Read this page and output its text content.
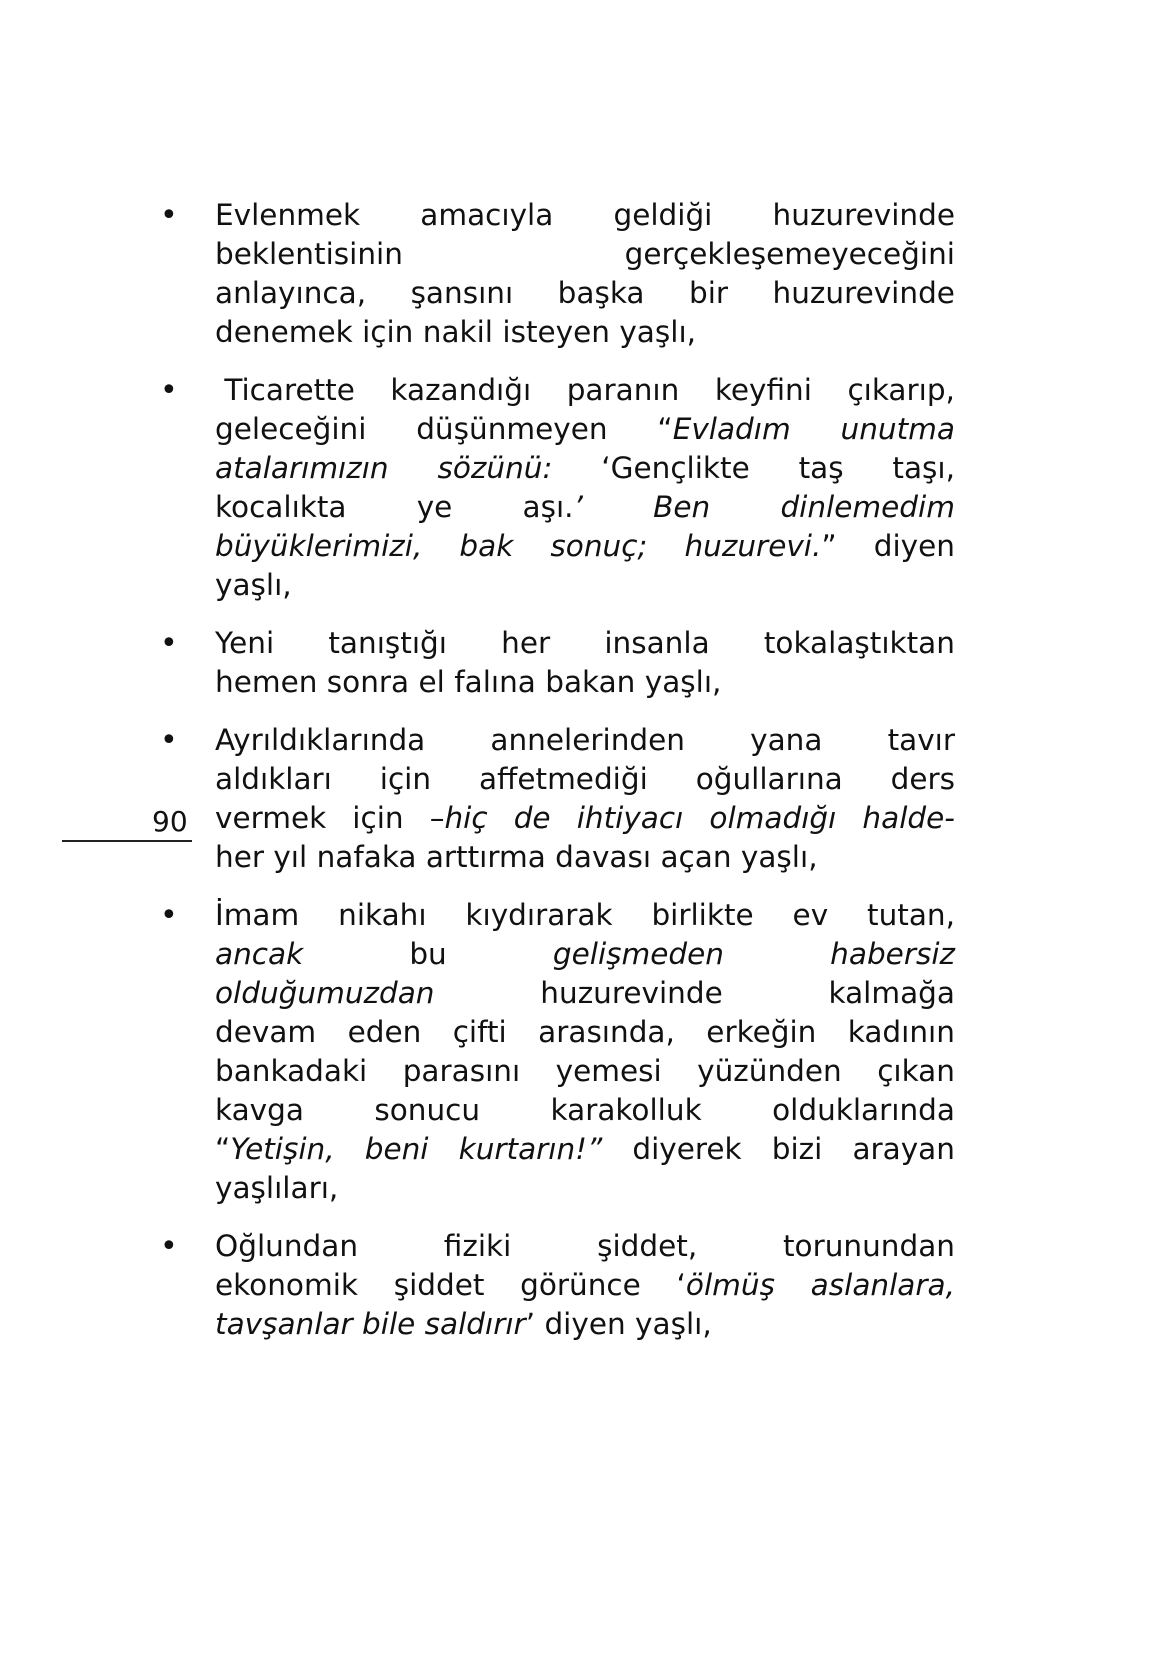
• Evlenmek amacıyla geldiği huzurevinde
beklentisinin	gerçekleşemeyeceğini
anlayınca, şansını başka bir huzurevinde
denemek için nakil isteyen yaşlı,
• Ticarette kazandığı paranın keyfini çıkarıp,
geleceğini düşünmeyen “Evladım unutma
atalarımızın sözünü: ‘Gençlikte taş taşı,
kocalıkta ye aşı.’ Ben dinlemedim
büyüklerimizi, bak sonuç; huzurevi.” diyen
yaşlı,
• Yeni tanıştığı her insanla tokalaştıktan
hemen sonra el falına bakan yaşlı,
• Ayrıldıklarında annelerinden yana tavır
aldıkları için affetmediği oğullarına ders
vermek için –hiç de ihtiyacı olmadığı halde-
her yıl nafaka arttırma davası açan yaşlı,
• İmam nikahı kıydırarak birlikte ev tutan,
ancak	bu	gelişmeden	habersiz
olduğumuzdan	huzurevinde	kalmağa
devam eden çifti arasında, erkeğin kadının
bankadaki parasını yemesi yüzünden çıkan
kavga sonucu karakolluk olduklarında
“Yetişin, beni kurtarın!” diyerek bizi arayan
yaşlıları,
• Oğlundan	fiziki	şiddet,	torunundan
ekonomik şiddet görünce ‘ölmüş aslanlara,
tavşanlar bile saldırır’ diyen yaşlı,
90
